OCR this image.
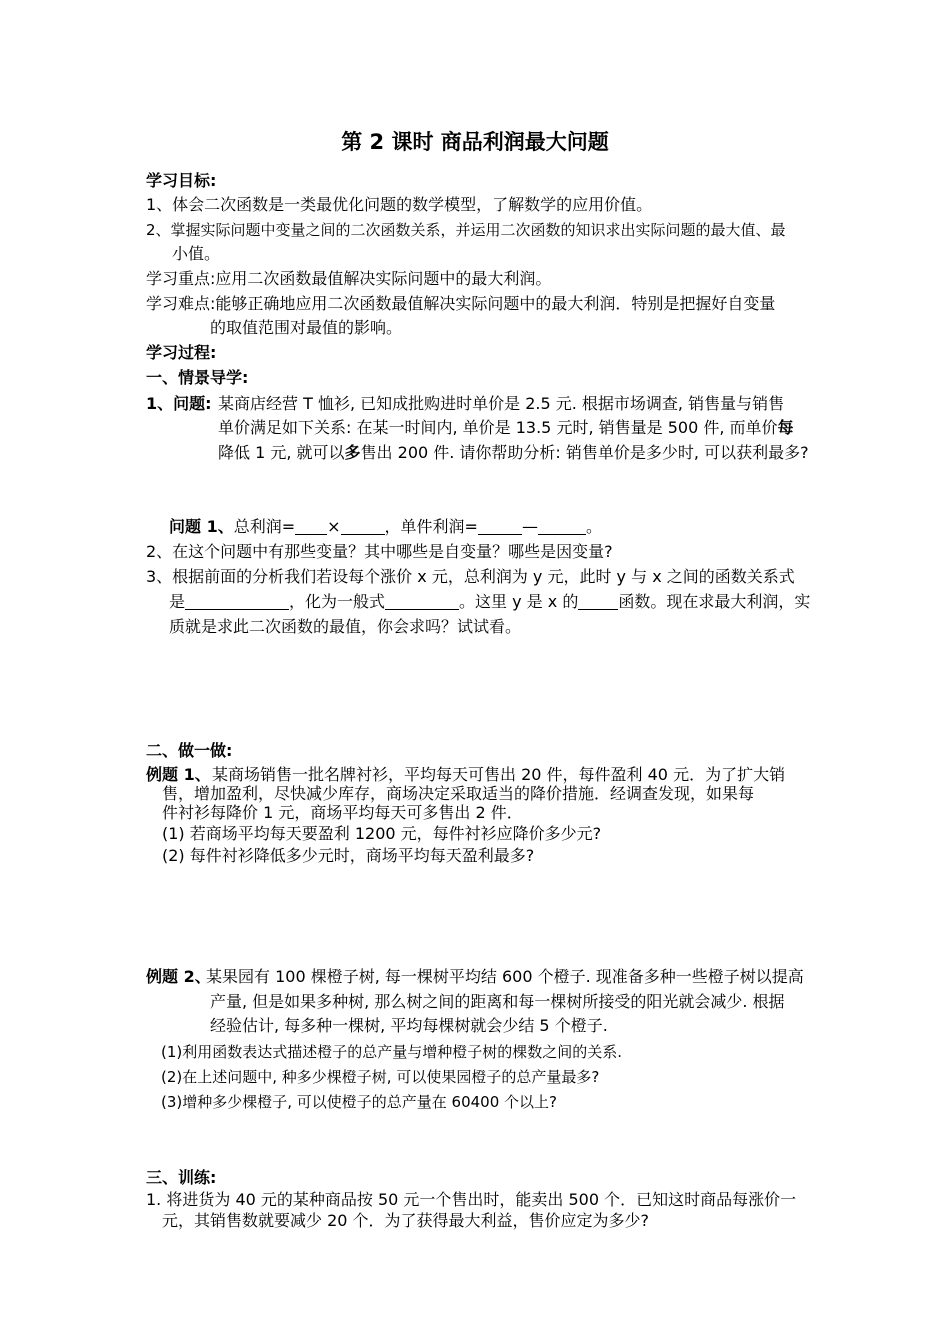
第 2 课时 商品利润最大问题
学习目标:
1、体会二次函数是一类最优化问题的数学模型，了解数学的应用价值。
2、掌握实际问题中变量之间的二次函数关系，并运用二次函数的知识求出实际问题的最大值、最
小值。
学习重点:应用二次函数最值解决实际问题中的最大利润。
学习难点:能够正确地应用二次函数最值解决实际问题中的最大利润．特别是把握好自变量
的取值范围对最值的影响。
学习过程:
一、情景导学:
1、问题: 某商店经营 T 恤衫, 已知成批购进时单价是 2.5 元. 根据市场调查, 销售量与销售
单价满足如下关系: 在某一时间内, 单价是 13.5 元时, 销售量是 500 件, 而单价每
降低 1 元, 就可以多售出 200 件. 请你帮助分析: 销售单价是多少时, 可以获利最多?
问题 1、总利润= ×	，单件利润=	—	。
2、在这个问题中有那些变量？其中哪些是自变量？哪些是因变量?
3、根据前面的分析我们若设每个涨价 x 元，总利润为 y 元，此时 y 与 x 之间的函数关系式
是	，化为一般式	。这里 y 是 x 的	函数。现在求最大利润，实
质就是求此二次函数的最值，你会求吗？试试看。
二、做一做:
例题 1、 某商场销售一批名牌衬衫，平均每天可售出 20 件，每件盈利 40 元．为了扩大销
售，增加盈利，尽快减少库存，商场决定采取适当的降价措施．经调查发现，如果每
件衬衫每降价 1 元，商场平均每天可多售出 2 件．
(1) 若商场平均每天要盈利 1200 元，每件衬衫应降价多少元?
(2) 每件衬衫降低多少元时，商场平均每天盈利最多?
例题 2、
某果园有 100 棵橙子树, 每一棵树平均结 600 个橙子. 现准备多种一些橙子树以提高
产量, 但是如果多种树, 那么树之间的距离和每一棵树所接受的阳光就会减少. 根据
经验估计, 每多种一棵树, 平均每棵树就会少结 5 个橙子.
(1)利用函数表达式描述橙子的总产量与增种橙子树的棵数之间的关系.
(2)在上述问题中, 种多少棵橙子树, 可以使果园橙子的总产量最多?
(3)增种多少棵橙子, 可以使橙子的总产量在 60400 个以上?
三、训练:
1. 将进货为 40 元的某种商品按 50 元一个售出时，能卖出 500 个．已知这时商品每涨价一
元，其销售数就要减少 20 个．为了获得最大利益，售价应定为多少?
